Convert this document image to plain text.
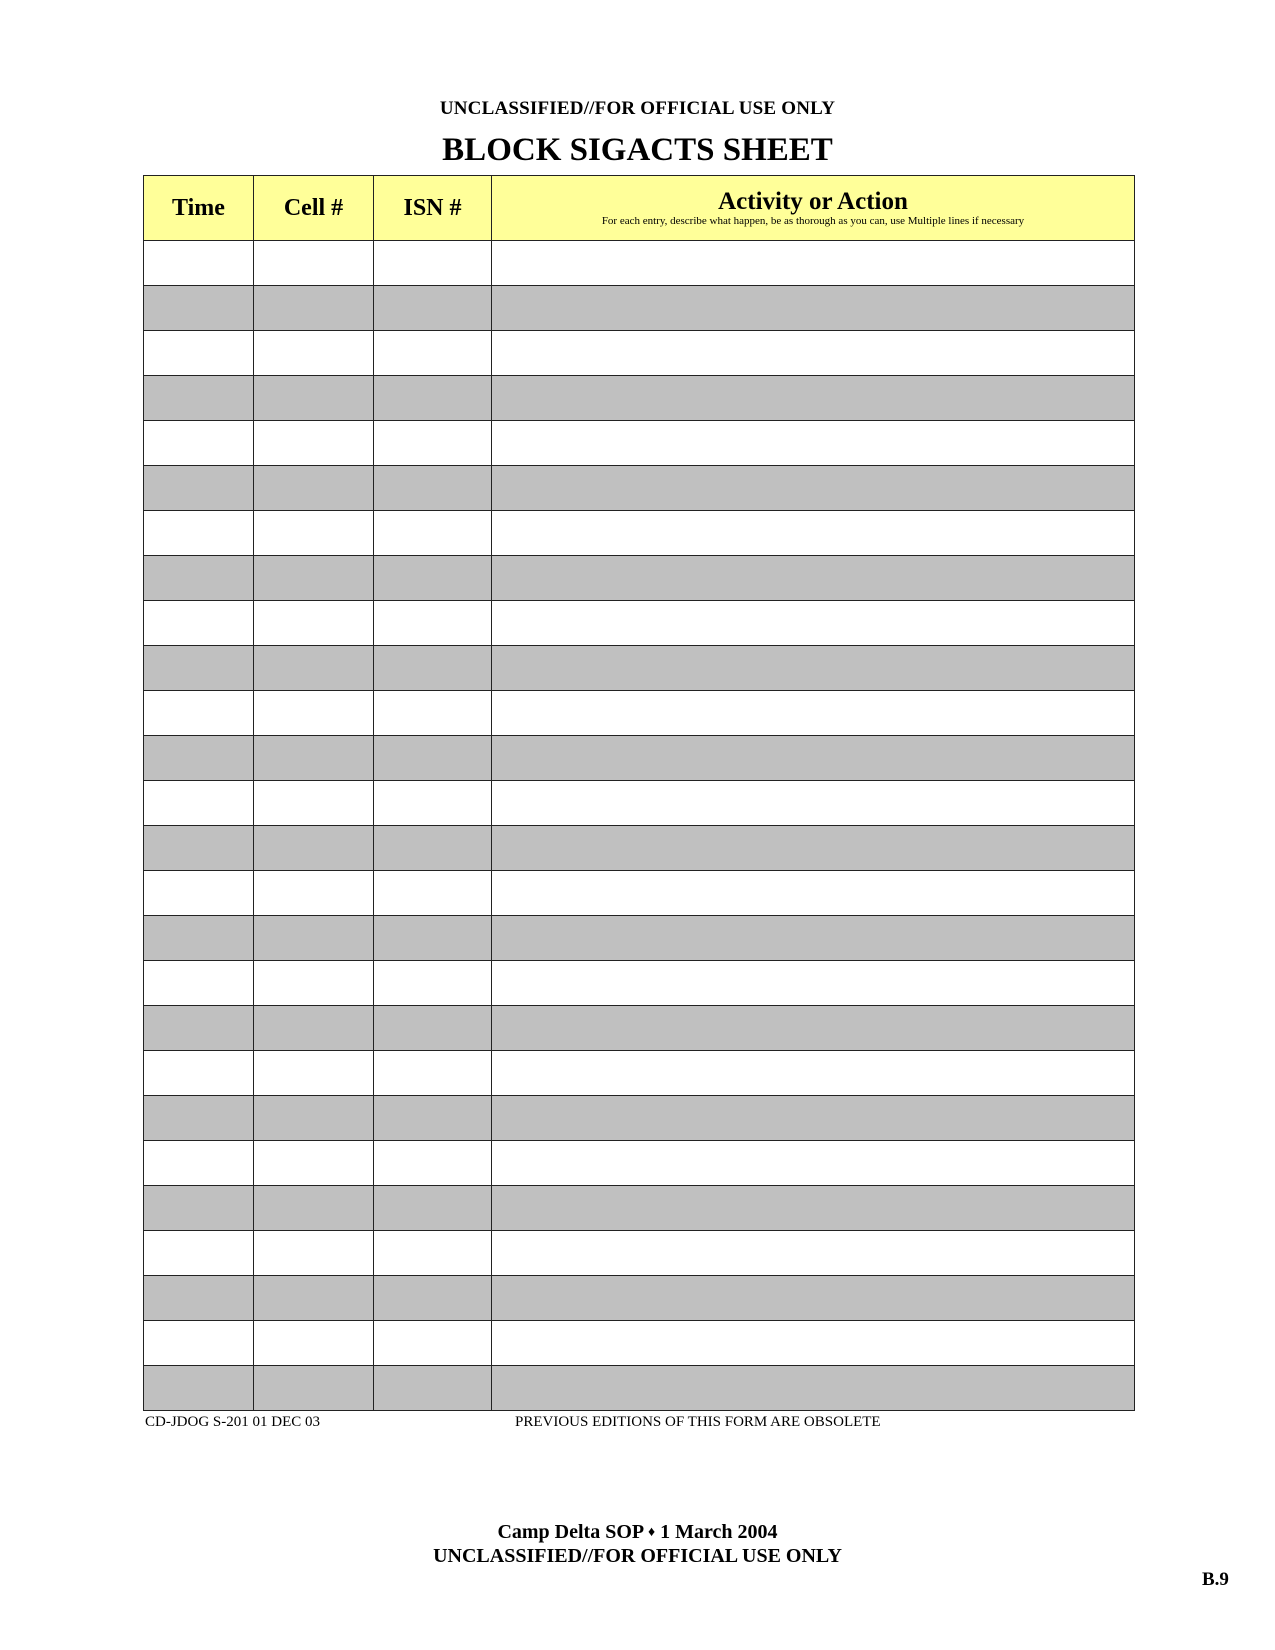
UNCLASSIFIED//FOR OFFICIAL USE ONLY
BLOCK SIGACTS SHEET
Time	Cell #	ISN #	Activity or Action
For each entry, describe what happen, be as thorough as you can, use Multiple lines if necessary

CD-JDOG S-201 01 DEC 03	PREVIOUS EDITIONS OF THIS FORM ARE OBSOLETE
Camp Delta SOP ♦ 1 March 2004
UNCLASSIFIED//FOR OFFICIAL USE ONLY
B.9
